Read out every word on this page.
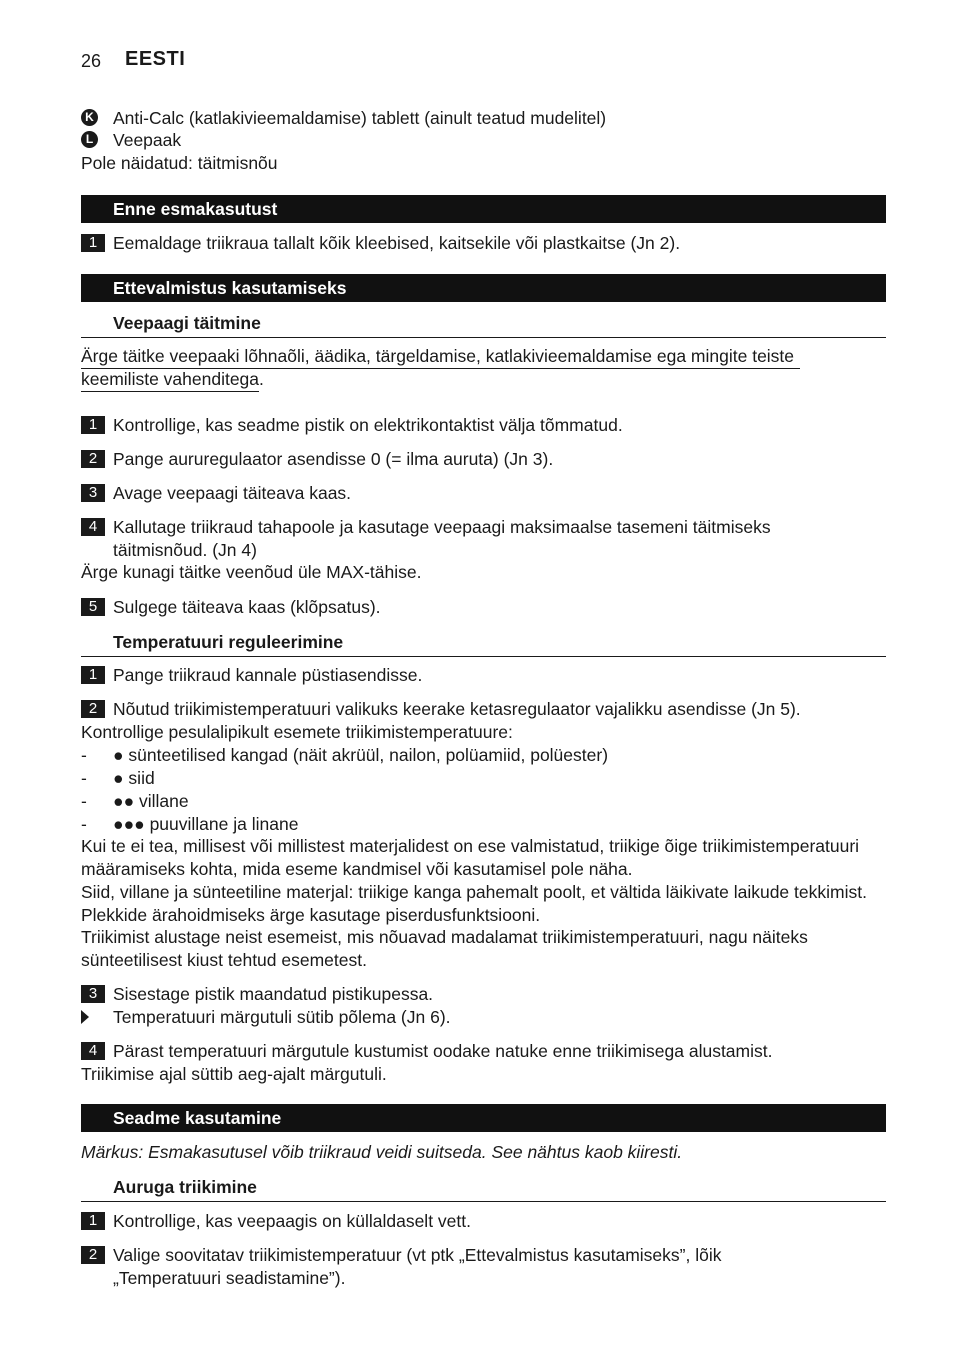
26 EESTI
K Anti-Calc (katlakivieemaldamise) tablett (ainult teatud mudelitel)
L Veepaak
Pole näidatud: täitmisnõu
Enne esmakasutust
1 Eemaldage triikraua tallalt kõik kleebised, kaitsekile või plastkaitse (Jn 2).
Ettevalmistus kasutamiseks
Veepaagi täitmine
Ärge täitke veepaaki lõhnaõli, äädika, tärgeldamise, katlakivieemaldamise ega mingite teiste
keemiliste vahenditega.
1 Kontrollige, kas seadme pistik on elektrikontaktist välja tõmmatud.
2 Pange aururegulaator asendisse 0 (= ilma auruta) (Jn 3).
3 Avage veepaagi täiteava kaas.
4 Kallutage triikraud tahapoole ja kasutage veepaagi maksimaalse tasemeni täitmiseks
täitmisnõud. (Jn 4)
Ärge kunagi täitke veenõud üle MAX-tähise.
5 Sulgege täiteava kaas (klõpsatus).
Temperatuuri reguleerimine
1 Pange triikraud kannale püstiasendisse.
2 Nõutud triikimistemperatuuri valikuks keerake ketasregulaator vajalikku asendisse (Jn 5).
Kontrollige pesulalipikult esemete triikimistemperatuure:
- ● sünteetilised kangad (näit akrüül, nailon, polüamiid, polüester)
- ● siid
- ●● villane
- ●●● puuvillane ja linane
Kui te ei tea, millisest või millistest materjalidest on ese valmistatud, triikige õige triikimistemperatuuri
määramiseks kohta, mida eseme kandmisel või kasutamisel pole näha.
Siid, villane ja sünteetiline materjal: triikige kanga pahemalt poolt, et vältida läikivate laikude tekkimist.
Plekkide ärahoidmiseks ärge kasutage piserdusfunktsiooni.
Triikimist alustage neist esemeist, mis nõuavad madalamat triikimistemperatuuri, nagu näiteks
sünteetilisest kiust tehtud esemetest.
3 Sisestage pistik maandatud pistikupessa.
Temperatuuri märgutuli sütib põlema (Jn 6).
4 Pärast temperatuuri märgutule kustumist oodake natuke enne triikimisega alustamist.
Triikimise ajal süttib aeg-ajalt märgutuli.
Seadme kasutamine
Märkus: Esmakasutusel võib triikraud veidi suitseda. See nähtus kaob kiiresti.
Auruga triikimine
1 Kontrollige, kas veepaagis on küllaldaselt vett.
2 Valige soovitatav triikimistemperatuur (vt ptk „Ettevalmistus kasutamiseks”, lõik
„Temperatuuri seadistamine”).
